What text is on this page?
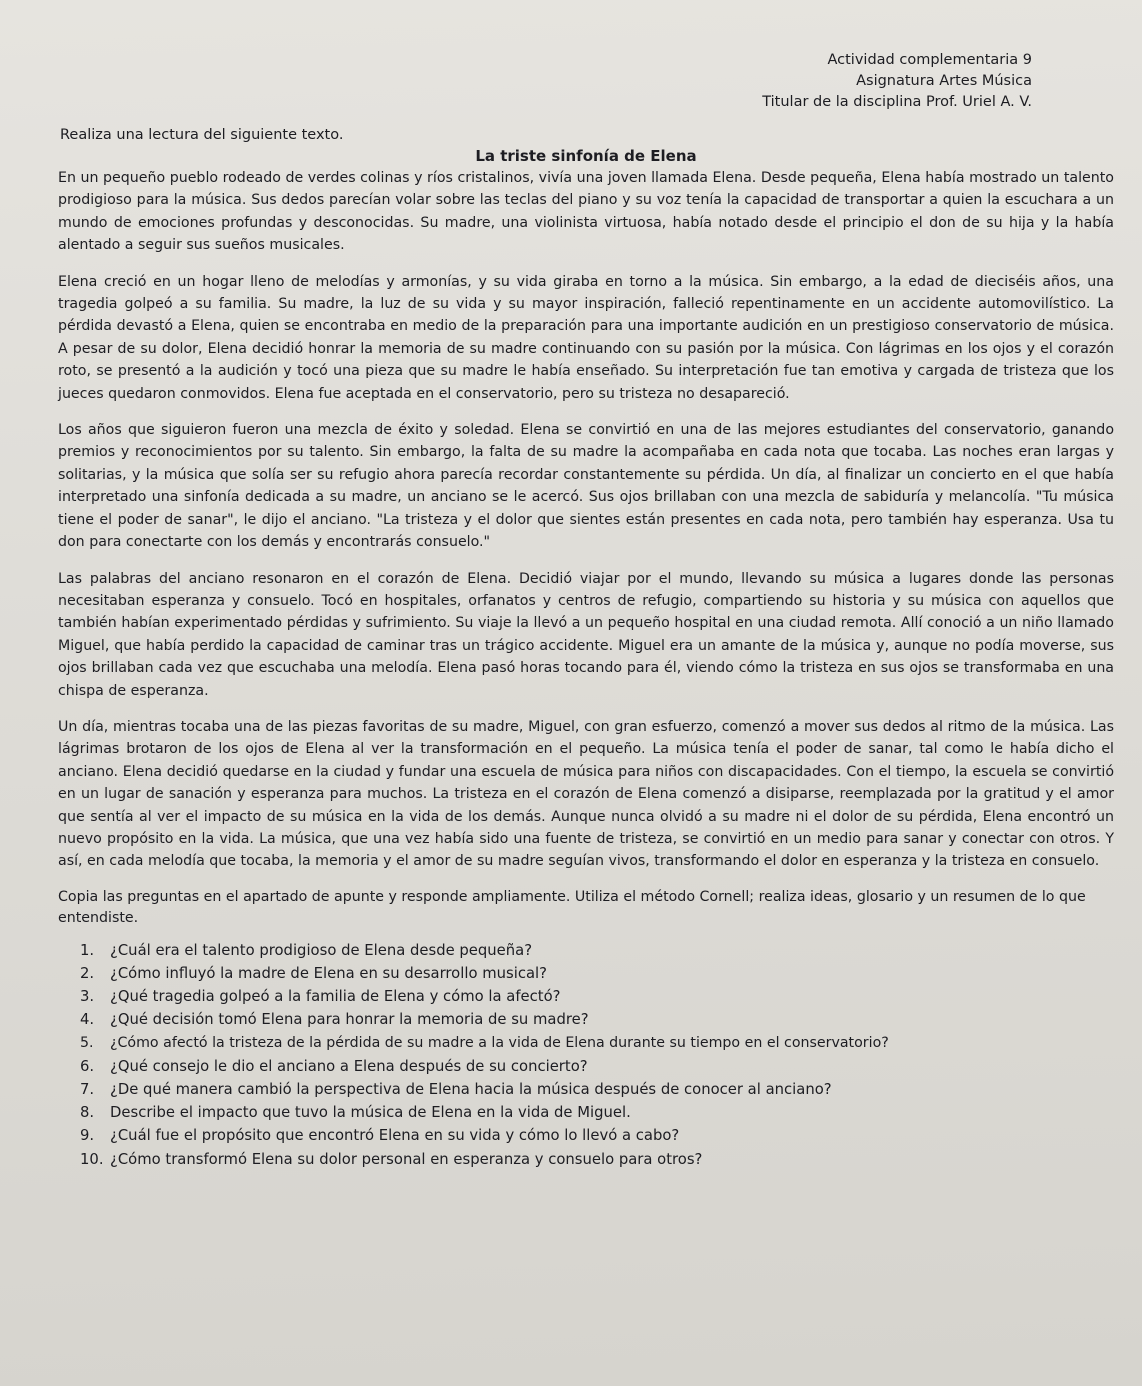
Actividad complementaria 9
Asignatura Artes Música
Titular de la disciplina Prof. Uriel A. V.
Realiza una lectura del siguiente texto.
La triste sinfonía de Elena

En un pequeño pueblo rodeado de verdes colinas y ríos cristalinos, vivía una joven llamada Elena. Desde pequeña, Elena había mostrado un talento prodigioso para la música. Sus dedos parecían volar sobre las teclas del piano y su voz tenía la capacidad de transportar a quien la escuchara a un mundo de emociones profundas y desconocidas. Su madre, una violinista virtuosa, había notado desde el principio el don de su hija y la había alentado a seguir sus sueños musicales.

Elena creció en un hogar lleno de melodías y armonías, y su vida giraba en torno a la música. Sin embargo, a la edad de dieciséis años, una tragedia golpeó a su familia. Su madre, la luz de su vida y su mayor inspiración, falleció repentinamente en un accidente automovilístico. La pérdida devastó a Elena, quien se encontraba en medio de la preparación para una importante audición en un prestigioso conservatorio de música. A pesar de su dolor, Elena decidió honrar la memoria de su madre continuando con su pasión por la música. Con lágrimas en los ojos y el corazón roto, se presentó a la audición y tocó una pieza que su madre le había enseñado. Su interpretación fue tan emotiva y cargada de tristeza que los jueces quedaron conmovidos. Elena fue aceptada en el conservatorio, pero su tristeza no desapareció.

Los años que siguieron fueron una mezcla de éxito y soledad. Elena se convirtió en una de las mejores estudiantes del conservatorio, ganando premios y reconocimientos por su talento. Sin embargo, la falta de su madre la acompañaba en cada nota que tocaba. Las noches eran largas y solitarias, y la música que solía ser su refugio ahora parecía recordar constantemente su pérdida. Un día, al finalizar un concierto en el que había interpretado una sinfonía dedicada a su madre, un anciano se le acercó. Sus ojos brillaban con una mezcla de sabiduría y melancolía. "Tu música tiene el poder de sanar", le dijo el anciano. "La tristeza y el dolor que sientes están presentes en cada nota, pero también hay esperanza. Usa tu don para conectarte con los demás y encontrarás consuelo."

Las palabras del anciano resonaron en el corazón de Elena. Decidió viajar por el mundo, llevando su música a lugares donde las personas necesitaban esperanza y consuelo. Tocó en hospitales, orfanatos y centros de refugio, compartiendo su historia y su música con aquellos que también habían experimentado pérdidas y sufrimiento. Su viaje la llevó a un pequeño hospital en una ciudad remota. Allí conoció a un niño llamado Miguel, que había perdido la capacidad de caminar tras un trágico accidente. Miguel era un amante de la música y, aunque no podía moverse, sus ojos brillaban cada vez que escuchaba una melodía. Elena pasó horas tocando para él, viendo cómo la tristeza en sus ojos se transformaba en una chispa de esperanza.

Un día, mientras tocaba una de las piezas favoritas de su madre, Miguel, con gran esfuerzo, comenzó a mover sus dedos al ritmo de la música. Las lágrimas brotaron de los ojos de Elena al ver la transformación en el pequeño. La música tenía el poder de sanar, tal como le había dicho el anciano. Elena decidió quedarse en la ciudad y fundar una escuela de música para niños con discapacidades. Con el tiempo, la escuela se convirtió en un lugar de sanación y esperanza para muchos. La tristeza en el corazón de Elena comenzó a disiparse, reemplazada por la gratitud y el amor que sentía al ver el impacto de su música en la vida de los demás. Aunque nunca olvidó a su madre ni el dolor de su pérdida, Elena encontró un nuevo propósito en la vida. La música, que una vez había sido una fuente de tristeza, se convirtió en un medio para sanar y conectar con otros. Y así, en cada melodía que tocaba, la memoria y el amor de su madre seguían vivos, transformando el dolor en esperanza y la tristeza en consuelo.

Copia las preguntas en el apartado de apunte y responde ampliamente. Utiliza el método Cornell; realiza ideas, glosario y un resumen de lo que entendiste.

1. ¿Cuál era el talento prodigioso de Elena desde pequeña?
2. ¿Cómo influyó la madre de Elena en su desarrollo musical?
3. ¿Qué tragedia golpeó a la familia de Elena y cómo la afectó?
4. ¿Qué decisión tomó Elena para honrar la memoria de su madre?
5. ¿Cómo afectó la tristeza de la pérdida de su madre a la vida de Elena durante su tiempo en el conservatorio?
6. ¿Qué consejo le dio el anciano a Elena después de su concierto?
7. ¿De qué manera cambió la perspectiva de Elena hacia la música después de conocer al anciano?
8. Describe el impacto que tuvo la música de Elena en la vida de Miguel.
9. ¿Cuál fue el propósito que encontró Elena en su vida y cómo lo llevó a cabo?
10. ¿Cómo transformó Elena su dolor personal en esperanza y consuelo para otros?
